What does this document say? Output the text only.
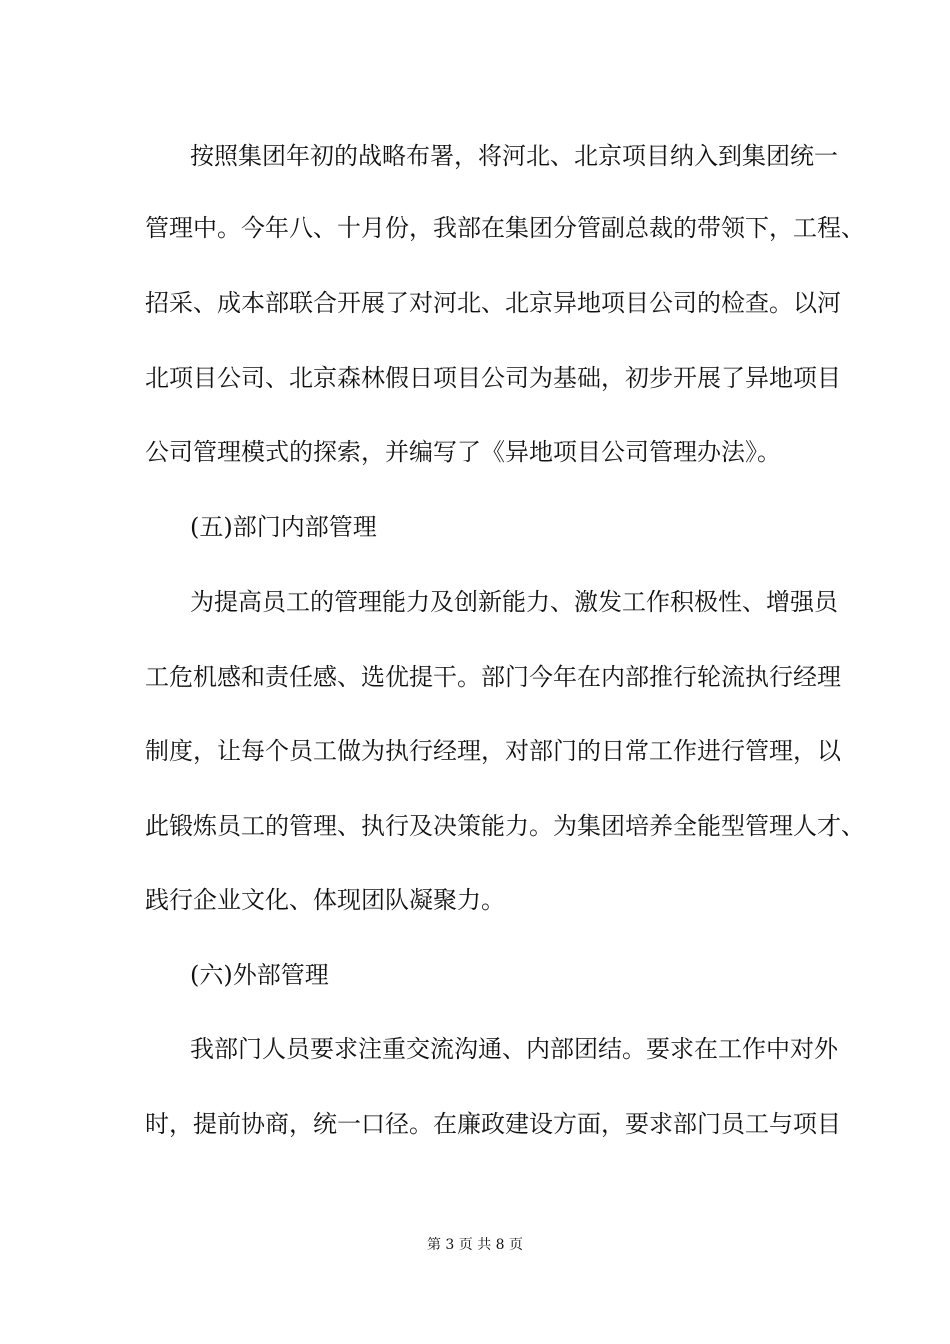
按照集团年初的战略布署，将河北、北京项目纳入到集团统一
管理中。今年八、十月份，我部在集团分管副总裁的带领下，工程、
招采、成本部联合开展了对河北、北京异地项目公司的检查。以河
北项目公司、北京森林假日项目公司为基础，初步开展了异地项目
公司管理模式的探索，并编写了《异地项目公司管理办法》。
(五)部门内部管理
为提高员工的管理能力及创新能力、激发工作积极性、增强员
工危机感和责任感、选优提干。部门今年在内部推行轮流执行经理
制度，让每个员工做为执行经理，对部门的日常工作进行管理，以
此锻炼员工的管理、执行及决策能力。为集团培养全能型管理人才、
践行企业文化、体现团队凝聚力。
(六)外部管理
我部门人员要求注重交流沟通、内部团结。要求在工作中对外
时，提前协商，统一口径。在廉政建设方面，要求部门员工与项目
第 3 页 共 8 页
